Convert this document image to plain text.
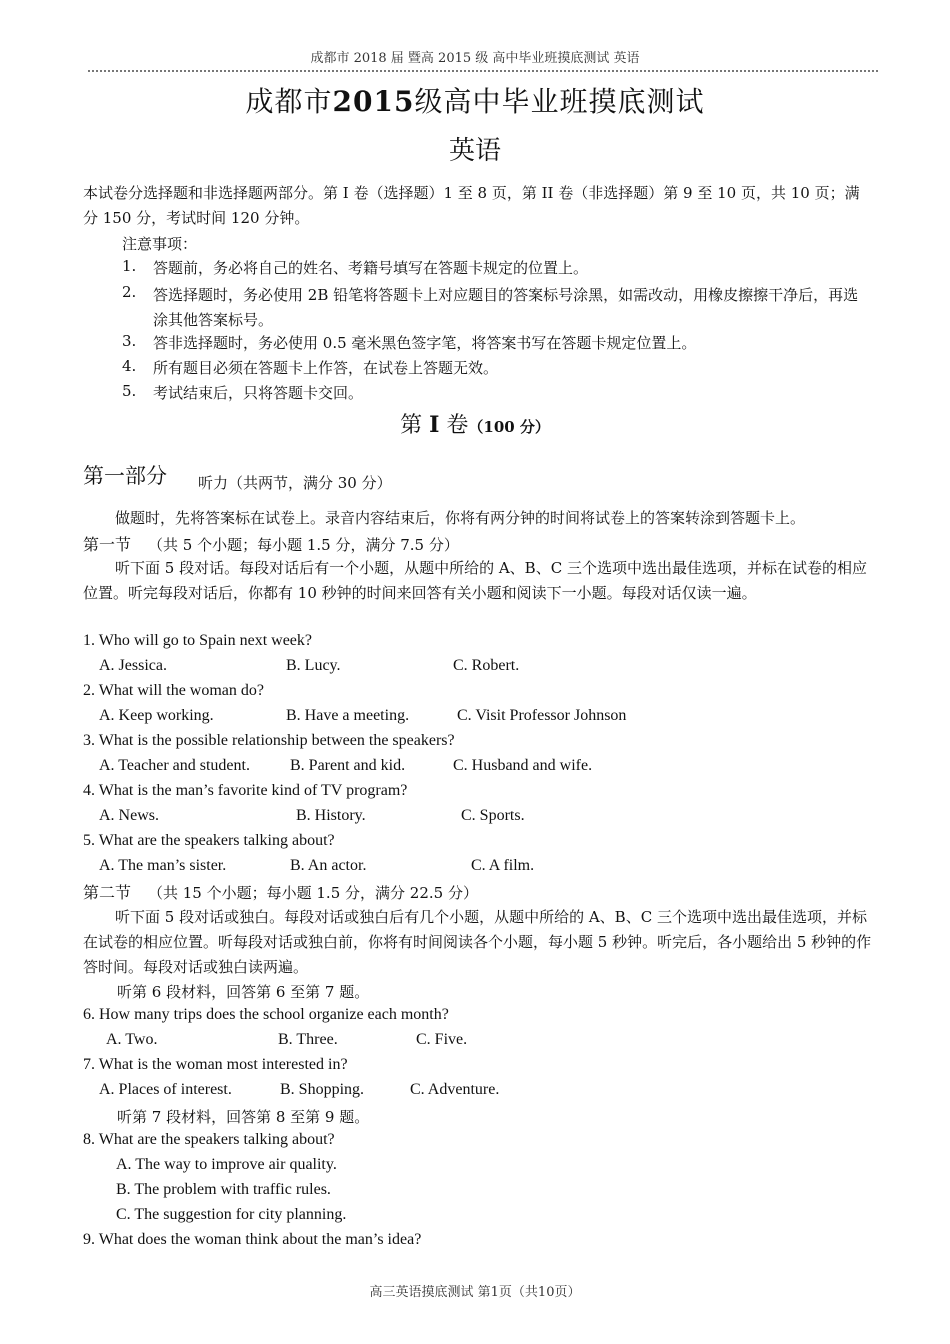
成都市 2018 届 暨高 2015 级 高中毕业班摸底测试 英语
成都市2015级高中毕业班摸底测试
英语
本试卷分选择题和非选择题两部分。第 I 卷（选择题）1 至 8 页，第 II 卷（非选择题）第 9 至 10 页，共 10 页；满分 150 分，考试时间 120 分钟。
注意事项：
1. 答题前，务必将自己的姓名、考籍号填写在答题卡规定的位置上。
2. 答选择题时，务必使用 2B 铅笔将答题卡上对应题目的答案标号涂黑，如需改动，用橡皮擦擦干净后，再选涂其他答案标号。
3. 答非选择题时，务必使用 0.5 毫米黑色签字笔，将答案书写在答题卡规定位置上。
4. 所有题目必须在答题卡上作答，在试卷上答题无效。
5. 考试结束后，只将答题卡交回。
第 I 卷（100 分）
第一部分 听力（共两节，满分 30 分）
做题时，先将答案标在试卷上。录音内容结束后，你将有两分钟的时间将试卷上的答案转涂到答题卡上。
第一节 （共 5 个小题；每小题 1.5 分，满分 7.5 分）
听下面 5 段对话。每段对话后有一个小题，从题中所给的 A、B、C 三个选项中选出最佳选项，并标在试卷的相应位置。听完每段对话后，你都有 10 秒钟的时间来回答有关小题和阅读下一小题。每段对话仅读一遍。
1. Who will go to Spain next week?
A. Jessica.	B. Lucy.	C. Robert.
2. What will the woman do?
A. Keep working.	B. Have a meeting.	C. Visit Professor Johnson
3. What is the possible relationship between the speakers?
A. Teacher and student.	B. Parent and kid.	C. Husband and wife.
4. What is the man’s favorite kind of TV program?
A. News.	B. History.	C. Sports.
5. What are the speakers talking about?
A. The man’s sister.	B. An actor.	C. A film.
第二节 （共 15 个小题；每小题 1.5 分，满分 22.5 分）
听下面 5 段对话或独白。每段对话或独白后有几个小题，从题中所给的 A、B、C 三个选项中选出最佳选项，并标在试卷的相应位置。听每段对话或独白前，你将有时间阅读各个小题，每小题 5 秒钟。听完后，各小题给出 5 秒钟的作答时间。每段对话或独白读两遍。
听第 6 段材料，回答第 6 至第 7 题。
6. How many trips does the school organize each month?
A. Two.	B. Three.	C. Five.
7. What is the woman most interested in?
A. Places of interest.	B. Shopping.	C. Adventure.
听第 7 段材料，回答第 8 至第 9 题。
8. What are the speakers talking about?
A. The way to improve air quality.
B. The problem with traffic rules.
C. The suggestion for city planning.
9. What does the woman think about the man’s idea?
高三英语摸底测试 第1页（共10页）
